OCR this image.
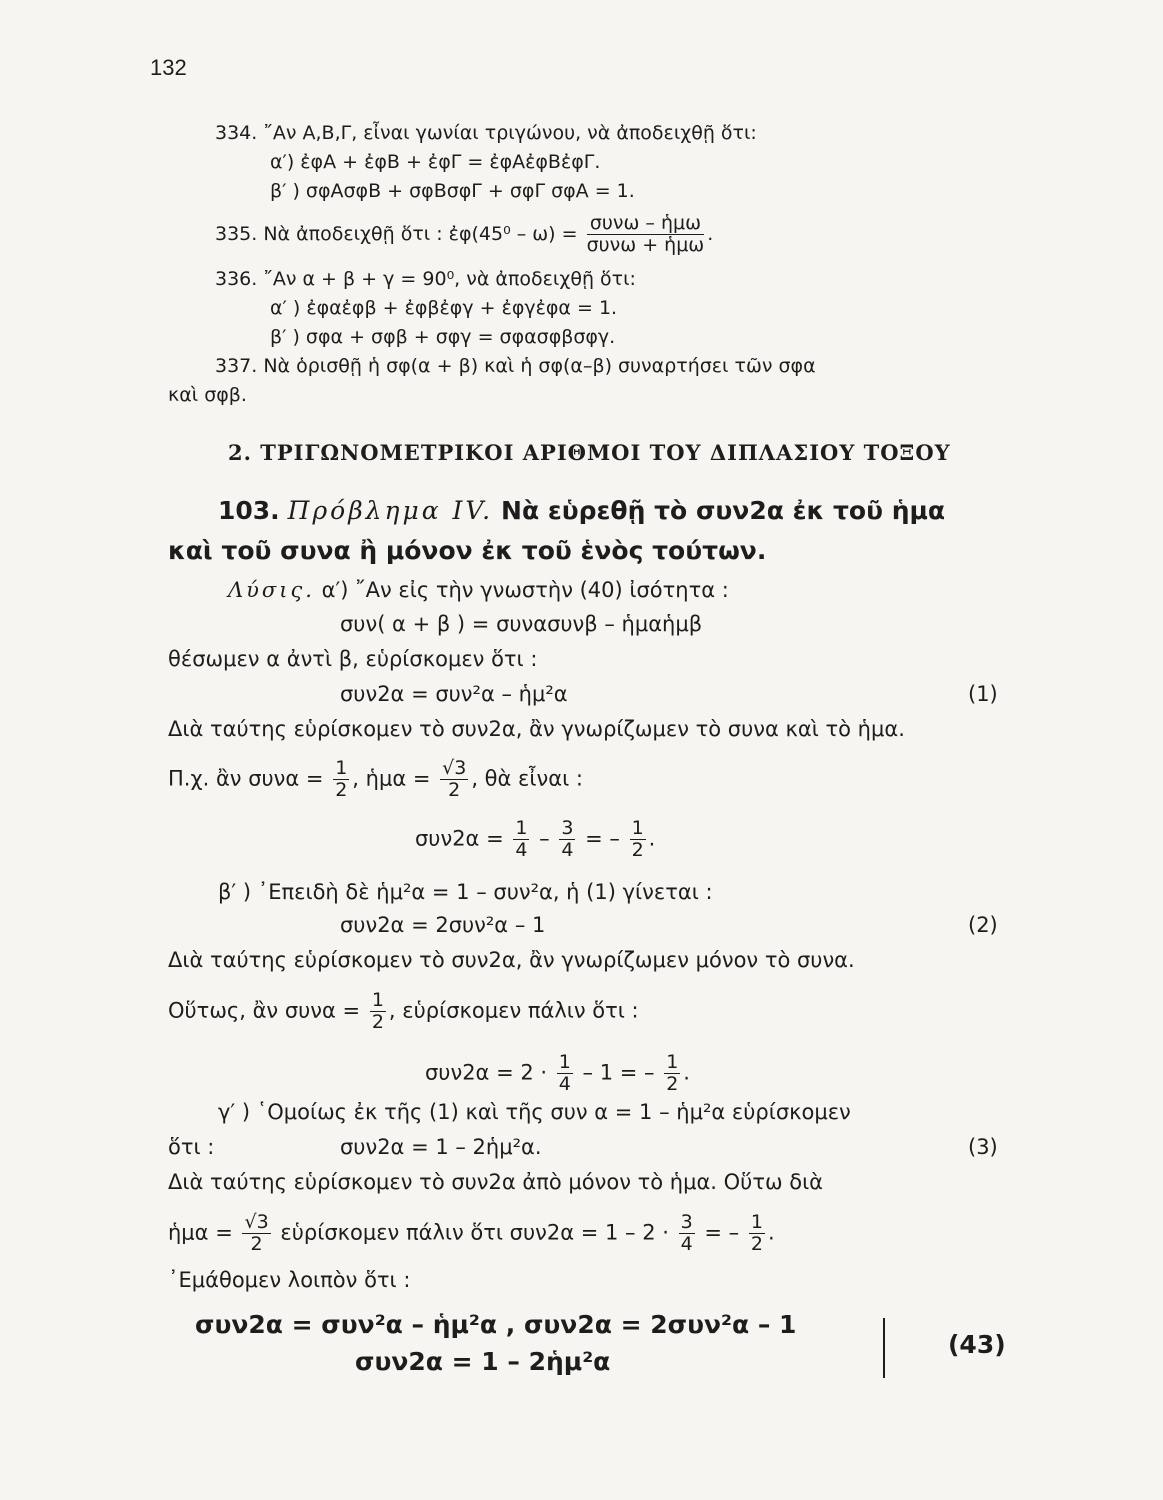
132
334. ῎Αν Α,Β,Γ, εἶναι γωνίαι τριγώνου, νὰ ἀποδειχθῇ ὅτι:
α′) ἐφΑ + ἐφΒ + ἐφΓ = ἐφΑἐφΒἐφΓ.
β′ ) σφΑσφΒ + σφΒσφΓ + σφΓ σφΑ = 1.
335. Νὰ ἀποδειχθῇ ὅτι : ἐφ(45⁰ – $\omega) = \frac{\text{συνω – ἡμω}}{\text{συνω + ἡμω}}$ .
336. ῎Αν α + β + γ = 90⁰, νὰ ἀποδειχθῇ ὅτι:
α′ ) ἐφαἐφβ + ἐφβἐφγ + ἐφγἐφα = 1.
β′ ) σφα + σφβ + σφγ = σφασφβσφγ.
337. Νὰ ὁρισθῇ ἡ σφ(α + β) καὶ ἡ σφ(α–β) συναρτήσει τῶν σφα
καὶ σφβ.
2. ΤΡΙΓΩΝΟΜΕΤΡΙΚΟΙ ΑΡΙΘΜΟΙ ΤΟΥ ΔΙΠΛΑΣΙΟΥ ΤΟΞΟΥ
103. Πρόβλημα IV. Νὰ εὑρεθῇ τὸ συν2α ἐκ τοῦ ἡμα
καὶ τοῦ συνα ἢ μόνον ἐκ τοῦ ἑνὸς τούτων.
Λύσις. α′) ῎Αν εἰς τὴν γνωστὴν (40) ἰσότητα :
συν( α + β ) = συνασυνβ – ἡμαἡμβ
θέσωμεν α ἀντὶ β, εὑρίσκομεν ὅτι :
συν2α = συν²α – ἡμ²α	(1)
Διὰ ταύτης εὑρίσκομεν τὸ συν2α, ἂν γνωρίζωμεν τὸ συνα καὶ τὸ ἡμα.
Π.χ. ἂν $\sigma\upsilon\nu\alpha = \frac{1}{2}$ , ἡμα = $\frac{√3}{2}$ , θὰ εἶναι :
$\sigma\upsilon\nu 2\alpha = \frac{1}{4} - \frac{3}{4}$ = – $\frac{1}{2}$ .
β′ ) ᾿Επειδὴ δὲ ἡμ²α = 1 – συν²α, ἡ (1) γίνεται :
συν2α = 2συν²α – 1	(2)
Διὰ ταύτης εὑρίσκομεν τὸ συν2α, ἂν γνωρίζωμεν μόνον τὸ συνα.
Οὕτως, ἂν $\sigma\upsilon\nu\alpha = \frac{1}{2}$ , εὑρίσκομεν πάλιν ὅτι :
$\sigma\upsilon\nu 2\alpha = 2 \cdot \frac{1}{4} - 1$ = – $\frac{1}{2}$ .
γ′ ) ῾Ομοίως ἐκ τῆς (1) καὶ τῆς συν α = 1 – ἡμ²α εὑρίσκομεν
ὅτι :	συν2α = 1 – 2ἡμ²α.	(3)
Διὰ ταύτης εὑρίσκομεν τὸ συν2α ἀπὸ μόνον τὸ ἡμα. Οὕτω διὰ
ἡμα = $\frac{√3}{2}$ εὑρίσκομεν πάλιν ὅτι $\sigma\upsilon\nu 2\alpha = 1 - 2 \cdot \frac{3}{4}$ = – $\frac{1}{2}$ .
᾿Εμάθομεν λοιπὸν ὅτι :
συν2α = συν²α – ἡμ²α , συν2α = 2συν²α – 1
συν2α = 1 – 2ἡμ²α
(43)
